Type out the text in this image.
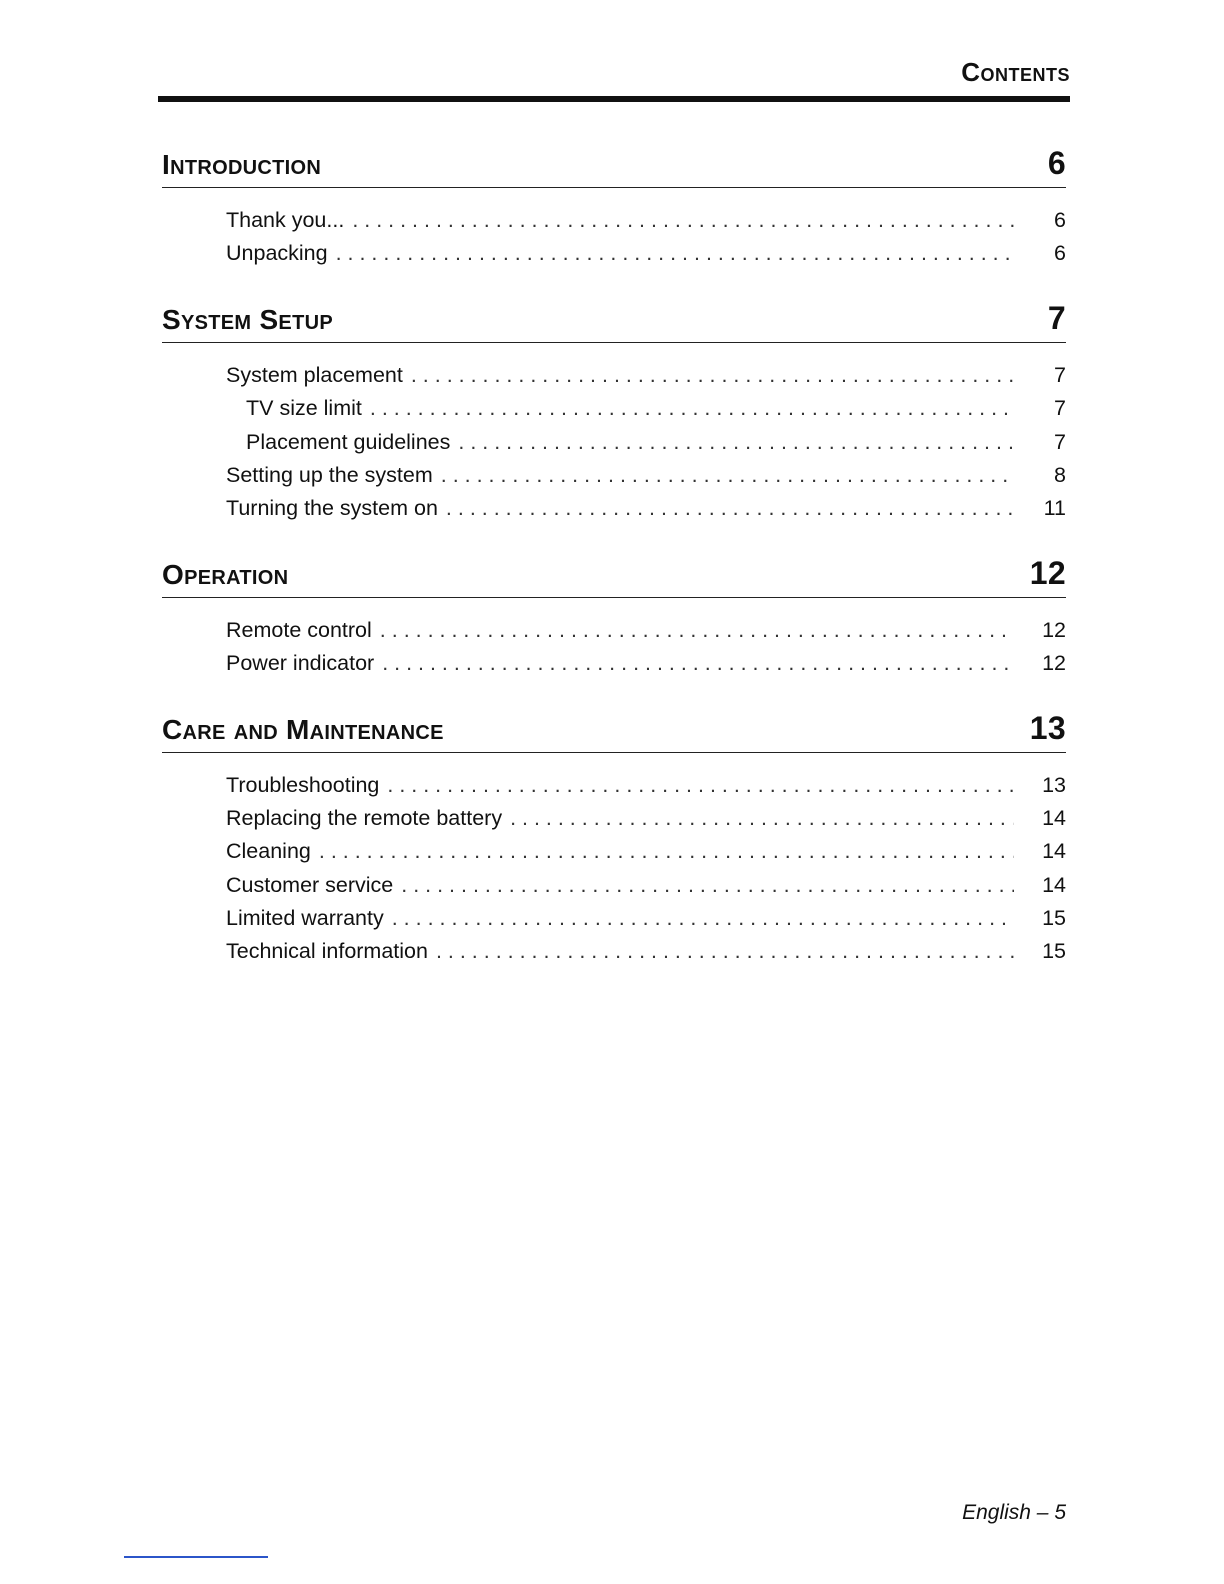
Contents
Introduction	6
Thank you... . . .	6
Unpacking . . .	6
System Setup	7
System placement . . .	7
TV size limit . . .	7
Placement guidelines . . .	7
Setting up the system . . .	8
Turning the system on . . .	11
Operation	12
Remote control . . .	12
Power indicator . . .	12
Care and Maintenance	13
Troubleshooting . . .	13
Replacing the remote battery . . .	14
Cleaning . . .	14
Customer service . . .	14
Limited warranty . . .	15
Technical information . . .	15
English – 5
